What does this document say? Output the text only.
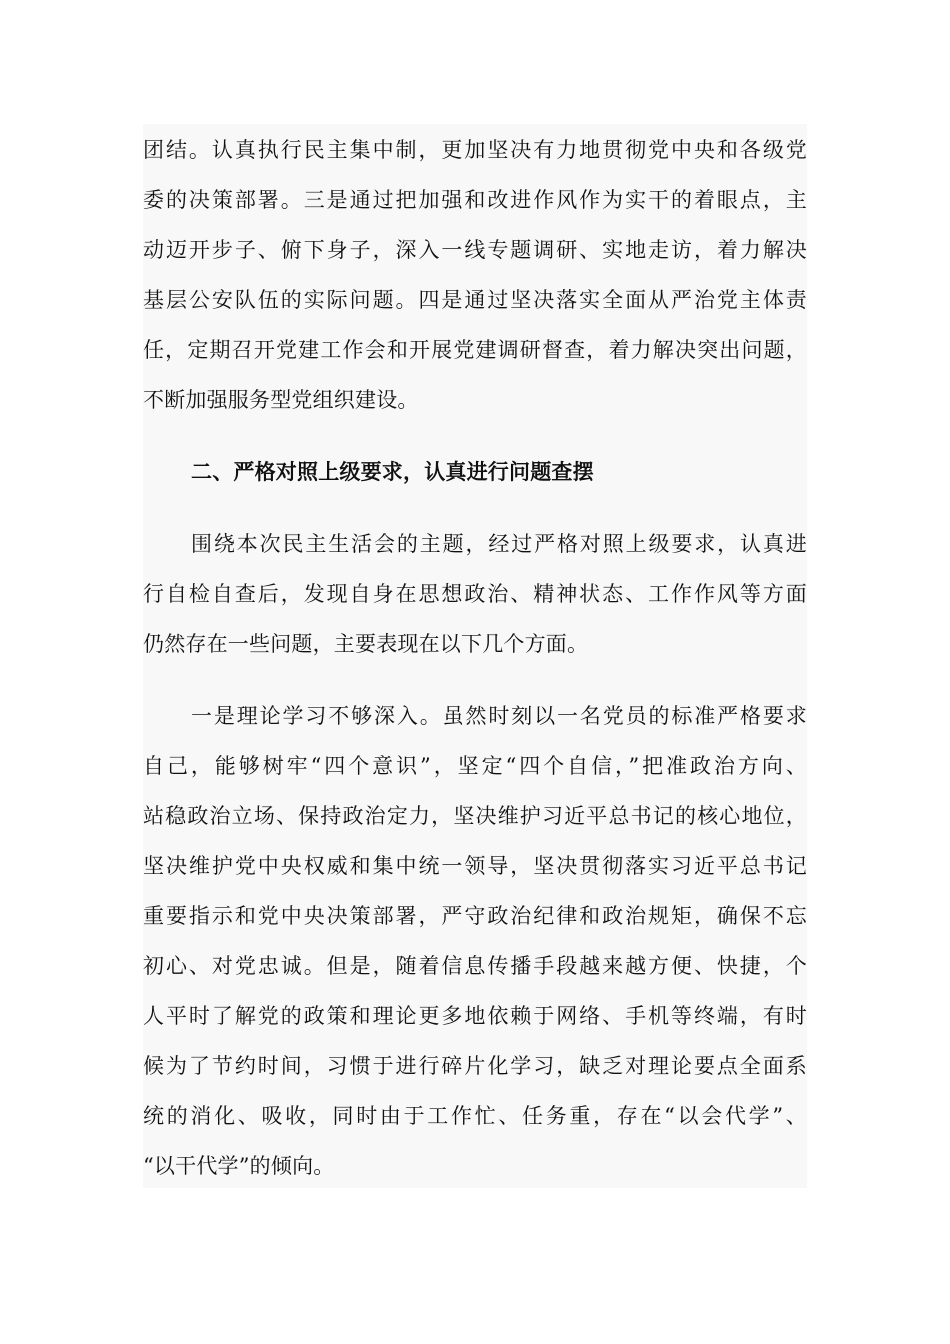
团结。认真执行民主集中制，更加坚决有力地贯彻党中央和各级党
委的决策部署。三是通过把加强和改进作风作为实干的着眼点，主
动迈开步子、俯下身子，深入一线专题调研、实地走访，着力解决
基层公安队伍的实际问题。四是通过坚决落实全面从严治党主体责
任，定期召开党建工作会和开展党建调研督查，着力解决突出问题，
不断加强服务型党组织建设。
二、严格对照上级要求，认真进行问题查摆
围绕本次民主生活会的主题，经过严格对照上级要求，认真进
行自检自查后，发现自身在思想政治、精神状态、工作作风等方面
仍然存在一些问题，主要表现在以下几个方面。
一是理论学习不够深入。虽然时刻以一名党员的标准严格要求
自己，能够树牢“四个意识”，坚定“四个自信，”把准政治方向、
站稳政治立场、保持政治定力，坚决维护习近平总书记的核心地位，
坚决维护党中央权威和集中统一领导，坚决贯彻落实习近平总书记
重要指示和党中央决策部署，严守政治纪律和政治规矩，确保不忘
初心、对党忠诚。但是，随着信息传播手段越来越方便、快捷，个
人平时了解党的政策和理论更多地依赖于网络、手机等终端，有时
候为了节约时间，习惯于进行碎片化学习，缺乏对理论要点全面系
统的消化、吸收，同时由于工作忙、任务重，存在“以会代学”、
“以干代学”的倾向。
